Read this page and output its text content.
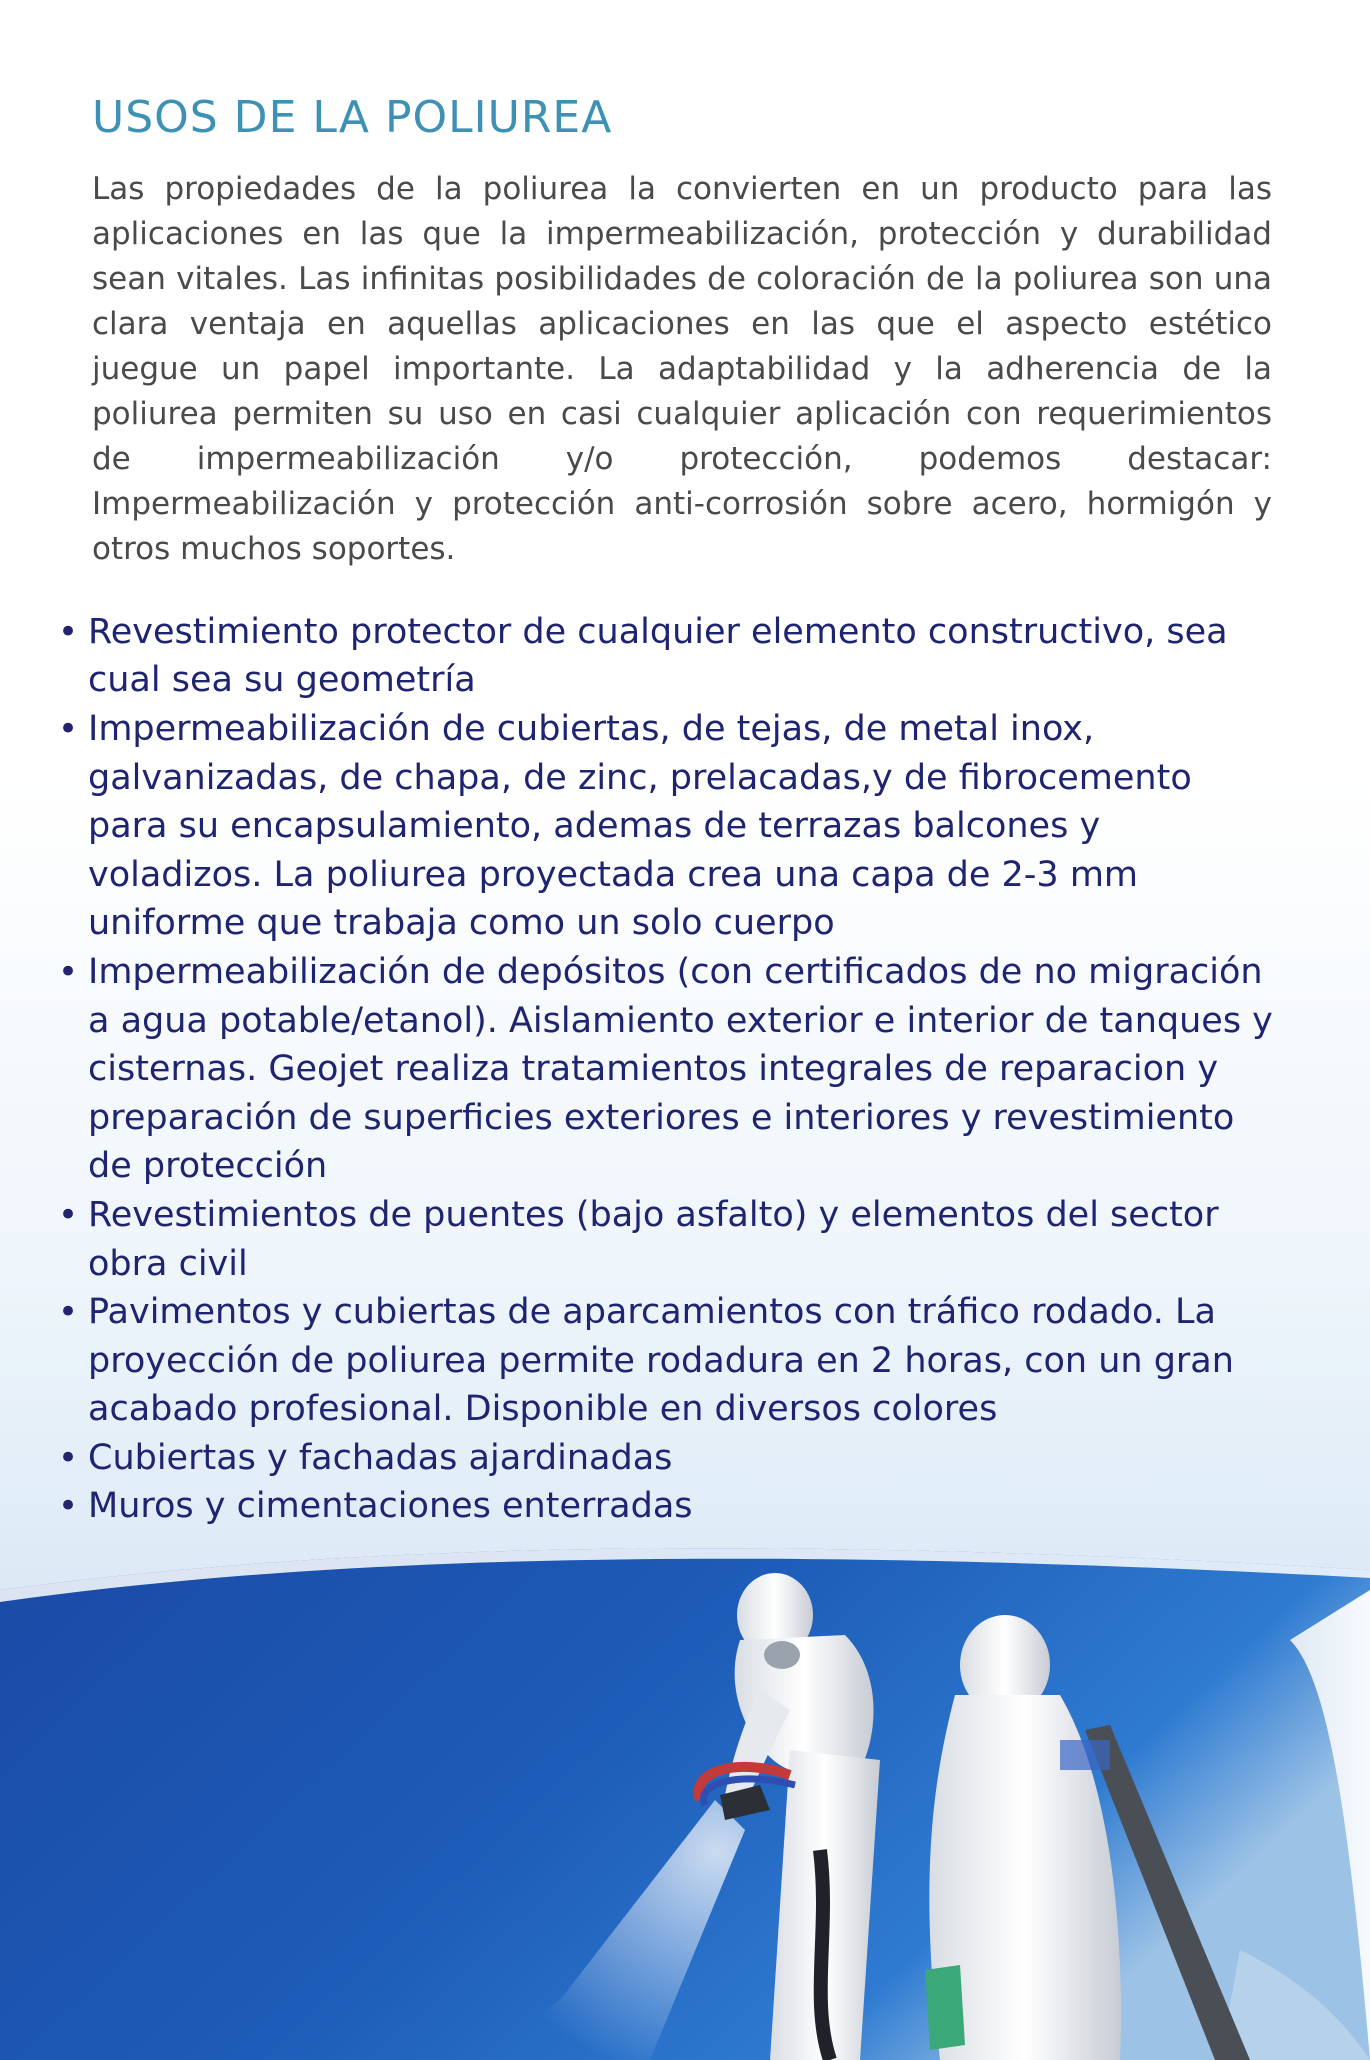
USOS DE LA POLIUREA

Las propiedades de la poliurea la convierten en un producto para las aplicaciones en las que la impermeabilización, protección y durabilidad sean vitales. Las infinitas posibilidades de coloración de la poliurea son una clara ventaja en aquellas aplicaciones en las que el aspecto estético juegue un papel importante. La adaptabilidad y la adherencia de la poliurea permiten su uso en casi cualquier aplicación con requerimientos de impermeabilización y/o protección, podemos destacar: Impermeabilización y protección anti-corrosión sobre acero, hormigón y otros muchos soportes.

• Revestimiento protector de cualquier elemento constructivo, sea cual sea su geometría
• Impermeabilización de cubiertas, de tejas, de metal inox, galvanizadas, de chapa, de zinc, prelacadas,y de fibrocemento para su encapsulamiento, ademas de terrazas balcones y voladizos. La poliurea proyectada crea una capa de 2-3 mm uniforme que trabaja como un solo cuerpo
• Impermeabilización de depósitos (con certificados de no migración a agua potable/etanol). Aislamiento exterior e interior de tanques y cisternas. Geojet realiza tratamientos integrales de reparacion y preparación de superficies exteriores e interiores y revestimiento de protección
• Revestimientos de puentes (bajo asfalto) y elementos del sector obra civil
• Pavimentos y cubiertas de aparcamientos con tráfico rodado. La proyección de poliurea permite rodadura en 2 horas, con un gran acabado profesional. Disponible en diversos colores
• Cubiertas y fachadas ajardinadas
• Muros y cimentaciones enterradas
